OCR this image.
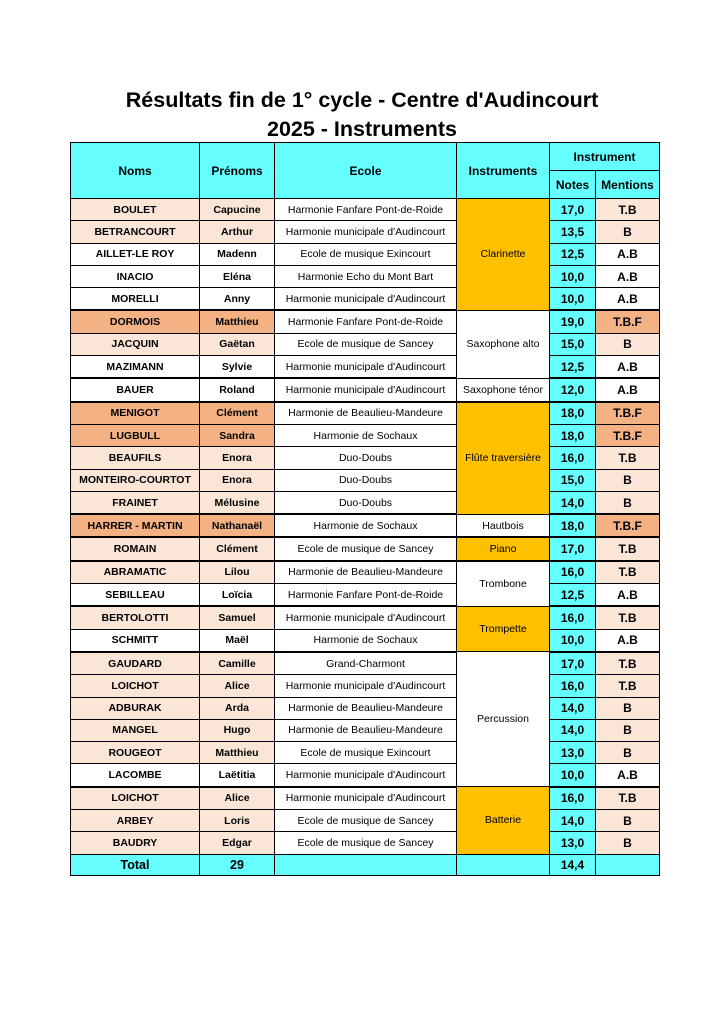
Résultats fin de 1° cycle - Centre d'Audincourt
2025 - Instruments
Noms	Prénoms	Ecole	Instruments	Instrument	
				Notes	Mentions
BOULET	Capucine	Harmonie Fanfare Pont-de-Roide	Clarinette	17,0	T.B
BETRANCOURT	Arthur	Harmonie municipale d'Audincourt		13,5	B
AILLET-LE ROY	Madenn	Ecole de musique Exincourt		12,5	A.B
INACIO	Eléna	Harmonie Echo du Mont Bart		10,0	A.B
MORELLI	Anny	Harmonie municipale d'Audincourt		10,0	A.B
DORMOIS	Matthieu	Harmonie Fanfare Pont-de-Roide	Saxophone alto	19,0	T.B.F
JACQUIN	Gaëtan	Ecole de musique de Sancey		15,0	B
MAZIMANN	Sylvie	Harmonie municipale d'Audincourt		12,5	A.B
BAUER	Roland	Harmonie municipale d'Audincourt	Saxophone ténor	12,0	A.B
MENIGOT	Clément	Harmonie de Beaulieu-Mandeure	Flûte traversière	18,0	T.B.F
LUGBULL	Sandra	Harmonie de Sochaux		18,0	T.B.F
BEAUFILS	Enora	Duo-Doubs		16,0	T.B
MONTEIRO-COURTOT	Enora	Duo-Doubs		15,0	B
FRAINET	Mélusine	Duo-Doubs		14,0	B
HARRER - MARTIN	Nathanaël	Harmonie de Sochaux	Hautbois	18,0	T.B.F
ROMAIN	Clément	Ecole de musique de Sancey	Piano	17,0	T.B
ABRAMATIC	Lilou	Harmonie de Beaulieu-Mandeure	Trombone	16,0	T.B
SEBILLEAU	Loïcia	Harmonie Fanfare Pont-de-Roide		12,5	A.B
BERTOLOTTI	Samuel	Harmonie municipale d'Audincourt	Trompette	16,0	T.B
SCHMITT	Maël	Harmonie de Sochaux		10,0	A.B
GAUDARD	Camille	Grand-Charmont	Percussion	17,0	T.B
LOICHOT	Alice	Harmonie municipale d'Audincourt		16,0	T.B
ADBURAK	Arda	Harmonie de Beaulieu-Mandeure		14,0	B
MANGEL	Hugo	Harmonie de Beaulieu-Mandeure		14,0	B
ROUGEOT	Matthieu	Ecole de musique Exincourt		13,0	B
LACOMBE	Laëtitia	Harmonie municipale d'Audincourt		10,0	A.B
LOICHOT	Alice	Harmonie municipale d'Audincourt	Batterie	16,0	T.B
ARBEY	Loris	Ecole de musique de Sancey		14,0	B
BAUDRY	Edgar	Ecole de musique de Sancey		13,0	B
Total	29			14,4	
